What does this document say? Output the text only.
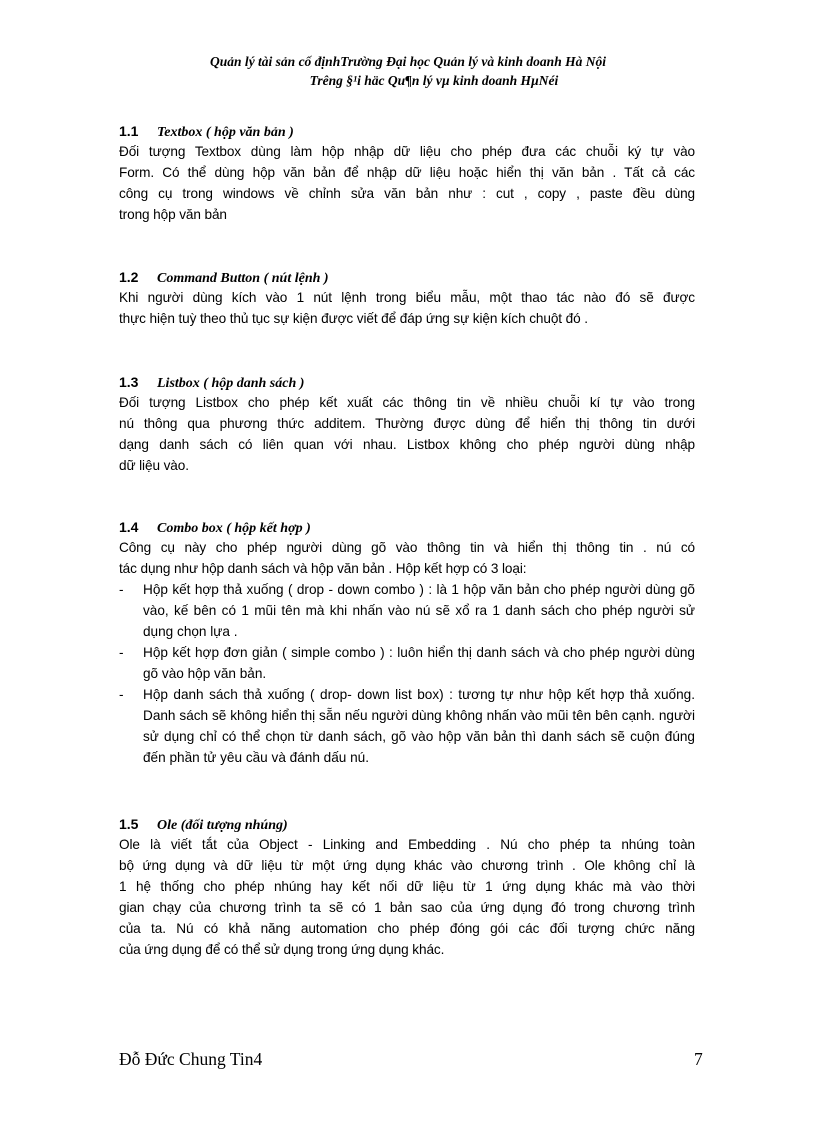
Quản lý tài sản cố địnhTrường Đại học Quản lý và kinh doanh Hà Nội
Trêng §¹i häc Qu¶n lý vµ kinh doanh HµNéi
1.1 Textbox ( hộp văn bản )
Đối tượng Textbox dùng làm hộp nhập dữ liệu cho phép đưa các chuỗi ký tự vào
Form. Có thể dùng hộp văn bản để nhập dữ liệu hoặc hiển thị văn bản . Tất cả các
công cụ trong windows về chỉnh sửa văn bản như : cut , copy , paste đều dùng
trong hộp văn bản
1.2 Command Button ( nút lệnh )
Khi người dùng kích vào 1 nút lệnh trong biểu mẫu, một thao tác nào đó sẽ được
thực hiện tuỳ theo thủ tục sự kiện được viết để đáp ứng sự kiện kích chuột đó .
1.3 Listbox ( hộp danh sách )
Đối tượng Listbox cho phép kết xuất các thông tin về nhiều chuỗi kí tự vào trong
nú thông qua phương thức additem. Thường được dùng để hiển thị thông tin dưới
dạng danh sách có liên quan với nhau. Listbox không cho phép người dùng nhập
dữ liệu vào.
1.4 Combo box ( hộp kết hợp )
Công cụ này cho phép người dùng gõ vào thông tin và hiển thị thông tin . nú có
tác dụng như hộp danh sách và hộp văn bản . Hộp kết hợp có 3 loại:
- Hộp kết hợp thả xuống ( drop - down combo ) : là 1 hộp văn bản cho phép người dùng gõ vào, kế bên có 1 mũi tên mà khi nhấn vào nú sẽ xổ ra 1 danh sách cho phép người sử dụng chọn lựa .
- Hộp kết hợp đơn giản ( simple combo ) : luôn hiển thị danh sách và cho phép người dùng gõ vào hộp văn bản.
- Hộp danh sách thả xuống ( drop- down list box) : tương tự như hộp kết hợp thả xuống. Danh sách sẽ không hiển thị sẵn nếu người dùng không nhấn vào mũi tên bên cạnh. người sử dụng chỉ có thể chọn từ danh sách, gõ vào hộp văn bản thì danh sách sẽ cuộn đúng đến phần tử yêu cầu và đánh dấu nú.
1.5 Ole (đối tượng nhúng)
Ole là viết tắt của Object - Linking and Embedding . Nú cho phép ta nhúng toàn
bộ ứng dụng và dữ liệu từ một ứng dụng khác vào chương trình . Ole không chỉ là
1 hệ thống cho phép nhúng hay kết nối dữ liệu từ 1 ứng dụng khác mà vào thời
gian chạy của chương trình ta sẽ có 1 bản sao của ứng dụng đó trong chương trình
của ta. Nú có khả năng automation cho phép đóng gói các đối tượng chức năng
của ứng dụng để có thể sử dụng trong ứng dụng khác.
Đỗ Đức Chung Tin4	7
